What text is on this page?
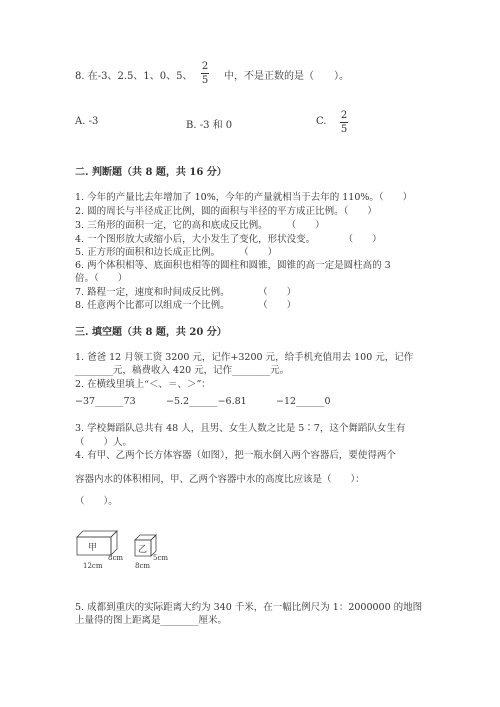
8. 在-3、2.5、1、0、5、
2
5 中，不是正数的是（　　）。
A. -3	B. -3 和 0	C.
2
5
二. 判断题（共 8 题，共 16 分）
1. 今年的产量比去年增加了 10%，今年的产量就相当于去年的 110%。（　　）
2. 圆的周长与半径成正比例，圆的面积与半径的平方成正比例。（　　）
3. 三角形的面积一定，它的高和底成反比例。　　　（　　）
4. 一个图形放大或缩小后，大小发生了变化，形状没变。　　　　（　　）
5. 正方形的面积和边长成正比例。　　　（　　）
6. 两个体积相等、底面积也相等的圆柱和圆锥，圆锥的高一定是圆柱高的 3
倍。（　　）
7. 路程一定，速度和时间成反比例。　　　　（　　）
8. 任意两个比都可以组成一个比例。　　　　（　　）
三. 填空题（共 8 题，共 20 分）
1. 爸爸 12 月领工资 3200 元，记作+3200 元，给手机充值用去 100 元，记作
________元，稿费收入 420 元，记作________元。
2. 在横线里填上“＜、＝、＞”：
−37______73	−5.2______−6.81	−12______0
3. 学校舞蹈队总共有 48 人，且男、女生人数之比是 5∶7，这个舞蹈队女生有
（　　）人。
4. 有甲、乙两个长方体容器（如图），把一瓶水倒入两个容器后，要使得两个
容器内水的体积相同，甲、乙两个容器中水的高度比应该是（　　）：
（　　）。
甲	乙
8cm
12cm	8cm
5cm
5. 成都到重庆的实际距离大约为 340 千米，在一幅比例尺为 1：2000000 的地图
上量得的图上距离是________厘米。
